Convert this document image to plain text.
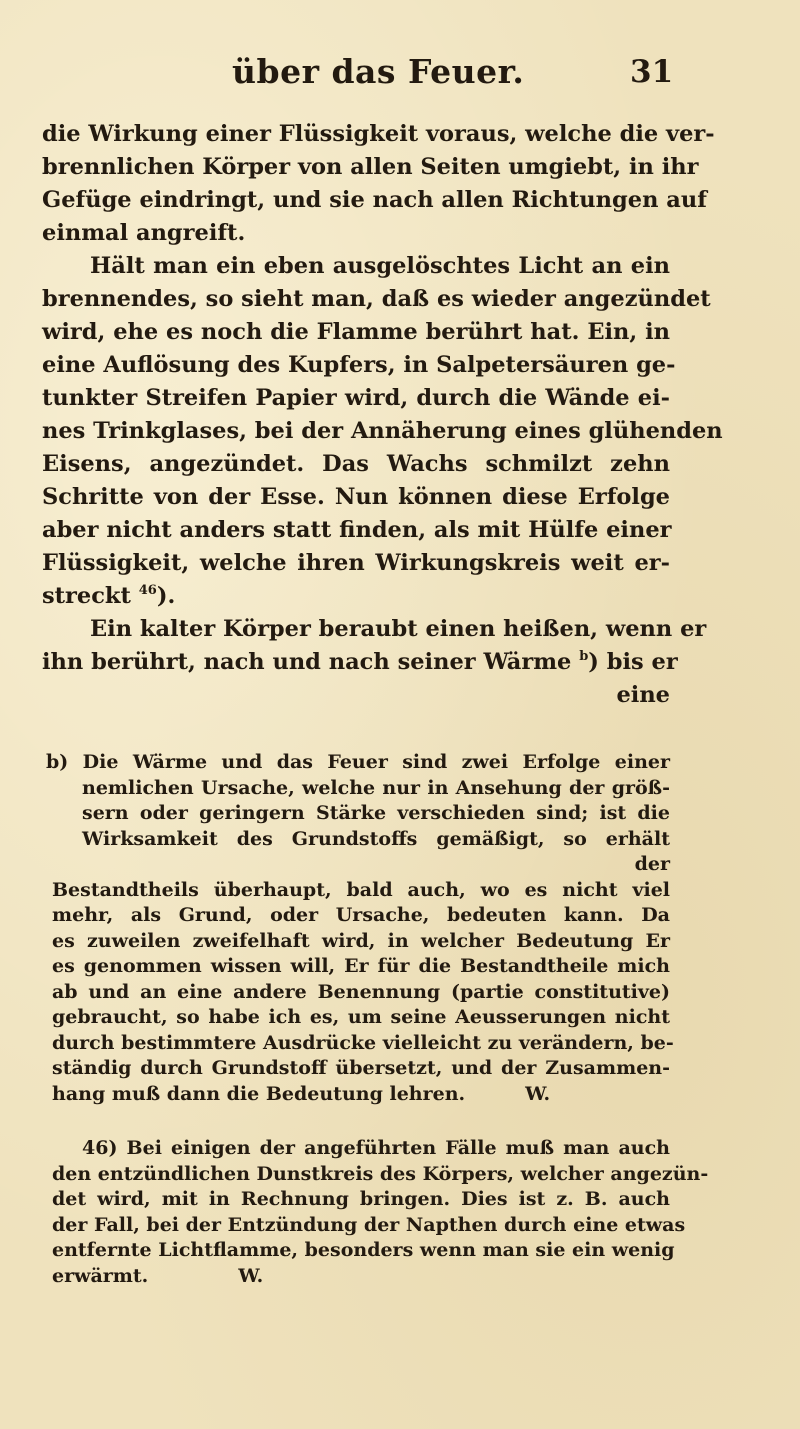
über das Feuer.	31
die Wirkung einer Flüssigkeit voraus, welche die ver-
brennlichen Körper von allen Seiten umgiebt, in ihr
Gefüge eindringt, und sie nach allen Richtungen auf
einmal angreift.
Hält man ein eben ausgelöschtes Licht an ein
brennendes, so sieht man, daß es wieder angezündet
wird, ehe es noch die Flamme berührt hat. Ein, in
eine Auflösung des Kupfers, in Salpetersäuren ge-
tunkter Streifen Papier wird, durch die Wände ei-
nes Trinkglases, bei der Annäherung eines glühenden
Eisens, angezündet. Das Wachs schmilzt zehn
Schritte von der Esse. Nun können diese Erfolge
aber nicht anders statt finden, als mit Hülfe einer
Flüssigkeit, welche ihren Wirkungskreis weit er-
streckt $^{46}$).
Ein kalter Körper beraubt einen heißen, wenn er
ihn berührt, nach und nach seiner Wärme $^b$) bis er
eine
b) Die Wärme und das Feuer sind zwei Erfolge einer
nemlichen Ursache, welche nur in Ansehung der größ-
sern oder geringern Stärke verschieden sind; ist die
Wirksamkeit des Grundstoffs gemäßigt, so erhält
der
Bestandtheils überhaupt, bald auch, wo es nicht viel
mehr, als Grund, oder Ursache, bedeuten kann. Da
es zuweilen zweifelhaft wird, in welcher Bedeutung Er
es genommen wissen will, Er für die Bestandtheile mich
ab und an eine andere Benennung (partie constitutive)
gebraucht, so habe ich es, um seine Aeusserungen nicht
durch bestimmtere Ausdrücke vielleicht zu verändern, be-
ständig durch Grundstoff übersetzt, und der Zusammen-
hang muß dann die Bedeutung lehren.	W.
46) Bei einigen der angeführten Fälle muß man auch
den entzündlichen Dunstkreis des Körpers, welcher angezün-
det wird, mit in Rechnung bringen. Dies ist z. B. auch
der Fall, bei der Entzündung der Napthen durch eine etwas
entfernte Lichtflamme, besonders wenn man sie ein wenig
erwärmt.	W.
